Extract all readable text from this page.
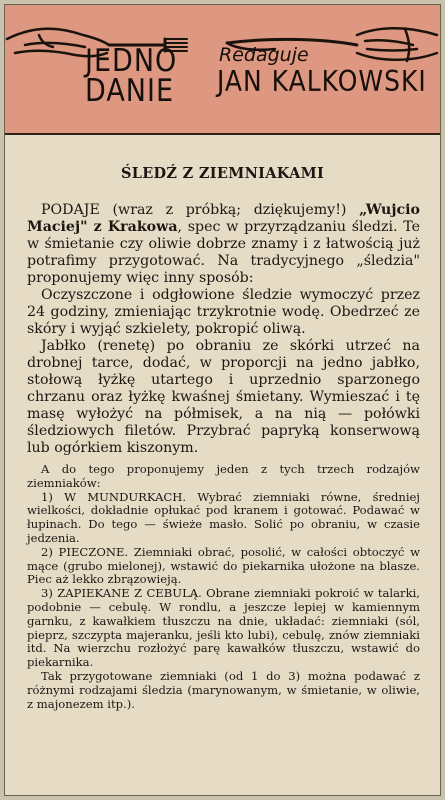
JEDNO
DANIE
Redaguje
JAN KALKOWSKI
ŚLEDŹ Z ZIEMNIAKAMI

PODAJE (wraz z próbką; dziękujemy!) „Wujcio Maciej" z Krakowa, spec w przyrządzaniu śledzi. Te w śmietanie czy oliwie dobrze znamy i z łatwością już potrafimy przygotować. Na tradycyjnego „śledzia" proponujemy więc inny sposób:

Oczyszczone i odgłowione śledzie wymoczyć przez 24 godziny, zmieniając trzykrotnie wodę. Obedrzeć ze skóry i wyjąć szkielety, pokropić oliwą.

Jabłko (renetę) po obraniu ze skórki utrzeć na drobnej tarce, dodać, w proporcji na jedno jabłko, stołową łyżkę utartego i uprzednio sparzonego chrzanu oraz łyżkę kwaśnej śmietany. Wymieszać i tę masę wyłożyć na półmisek, a na nią — połówki śledziowych filetów. Przybrać papryką konserwową lub ogórkiem kiszonym.

A do tego proponujemy jeden z tych trzech rodzajów ziemniaków:

1) W MUNDURKACH. Wybrać ziemniaki równe, średniej wielkości, dokładnie opłukać pod kranem i gotować. Podawać w łupinach. Do tego — świeże masło. Solić po obraniu, w czasie jedzenia.

2) PIECZONE. Ziemniaki obrać, posolić, w całości obtoczyć w mące (grubo mielonej), wstawić do piekarnika ułożone na blasze. Piec aż lekko zbrązowieją.

3) ZAPIEKANE Z CEBULĄ. Obrane ziemniaki pokroić w talarki, podobnie — cebulę. W rondlu, a jeszcze lepiej w kamiennym garnku, z kawałkiem tłuszczu na dnie, układać: ziemniaki (sól, pieprz, szczypta majeranku, jeśli kto lubi), cebulę, znów ziemniaki itd. Na wierzchu rozłożyć parę kawałków tłuszczu, wstawić do piekarnika.

Tak przygotowane ziemniaki (od 1 do 3) można podawać z różnymi rodzajami śledzia (marynowanym, w śmietanie, w oliwie, z majonezem itp.).
